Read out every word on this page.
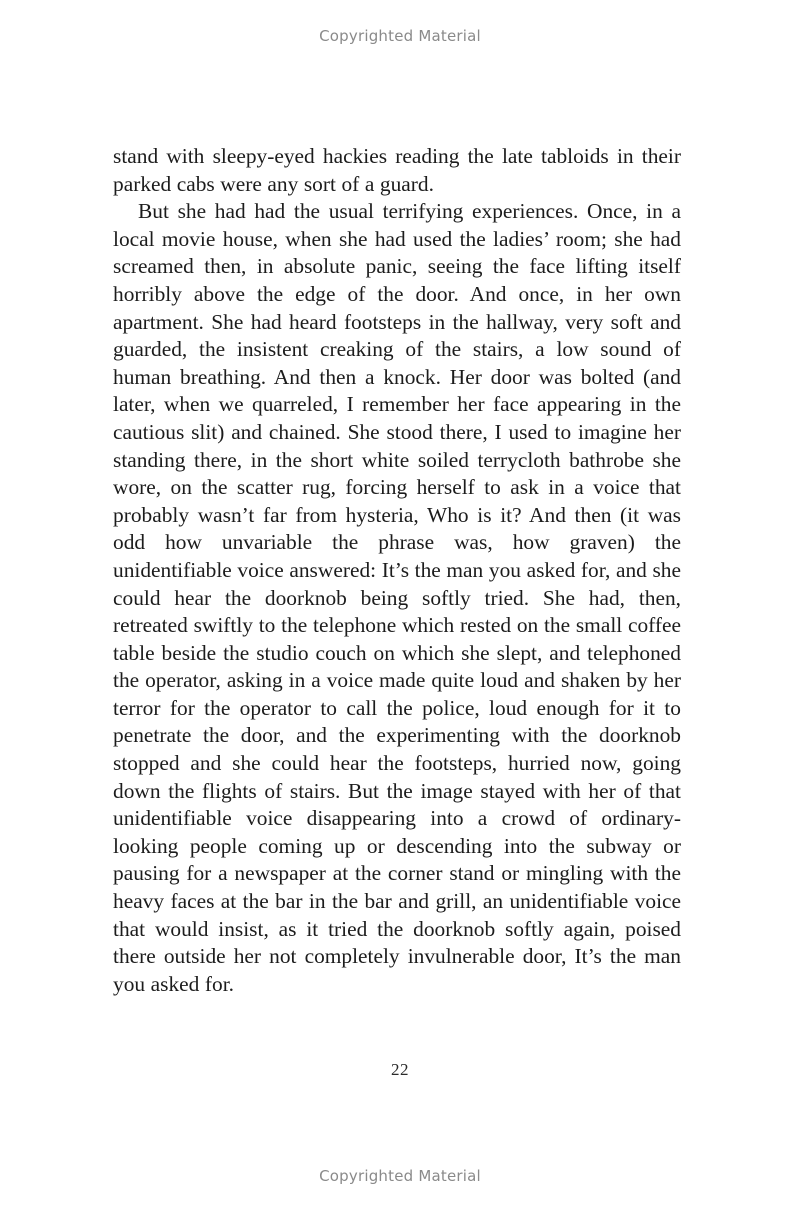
Copyrighted Material

stand with sleepy-eyed hackies reading the late tabloids in their parked cabs were any sort of a guard.

But she had had the usual terrifying experiences. Once, in a local movie house, when she had used the ladies’ room; she had screamed then, in absolute panic, seeing the face lifting itself horribly above the edge of the door. And once, in her own apartment. She had heard footsteps in the hallway, very soft and guarded, the insistent creaking of the stairs, a low sound of human breathing. And then a knock. Her door was bolted (and later, when we quarreled, I remember her face appearing in the cautious slit) and chained. She stood there, I used to imagine her standing there, in the short white soiled terrycloth bathrobe she wore, on the scatter rug, forcing herself to ask in a voice that probably wasn’t far from hysteria, Who is it? And then (it was odd how unvariable the phrase was, how graven) the unidentifiable voice answered: It’s the man you asked for, and she could hear the doorknob being softly tried. She had, then, retreated swiftly to the telephone which rested on the small coffee table beside the studio couch on which she slept, and telephoned the operator, asking in a voice made quite loud and shaken by her terror for the operator to call the police, loud enough for it to penetrate the door, and the experimenting with the doorknob stopped and she could hear the footsteps, hurried now, going down the flights of stairs. But the image stayed with her of that unidentifiable voice disappearing into a crowd of ordinary-looking people coming up or descending into the subway or pausing for a newspaper at the corner stand or mingling with the heavy faces at the bar in the bar and grill, an unidentifiable voice that would insist, as it tried the doorknob softly again, poised there outside her not completely invulnerable door, It’s the man you asked for.

22
Copyrighted Material
